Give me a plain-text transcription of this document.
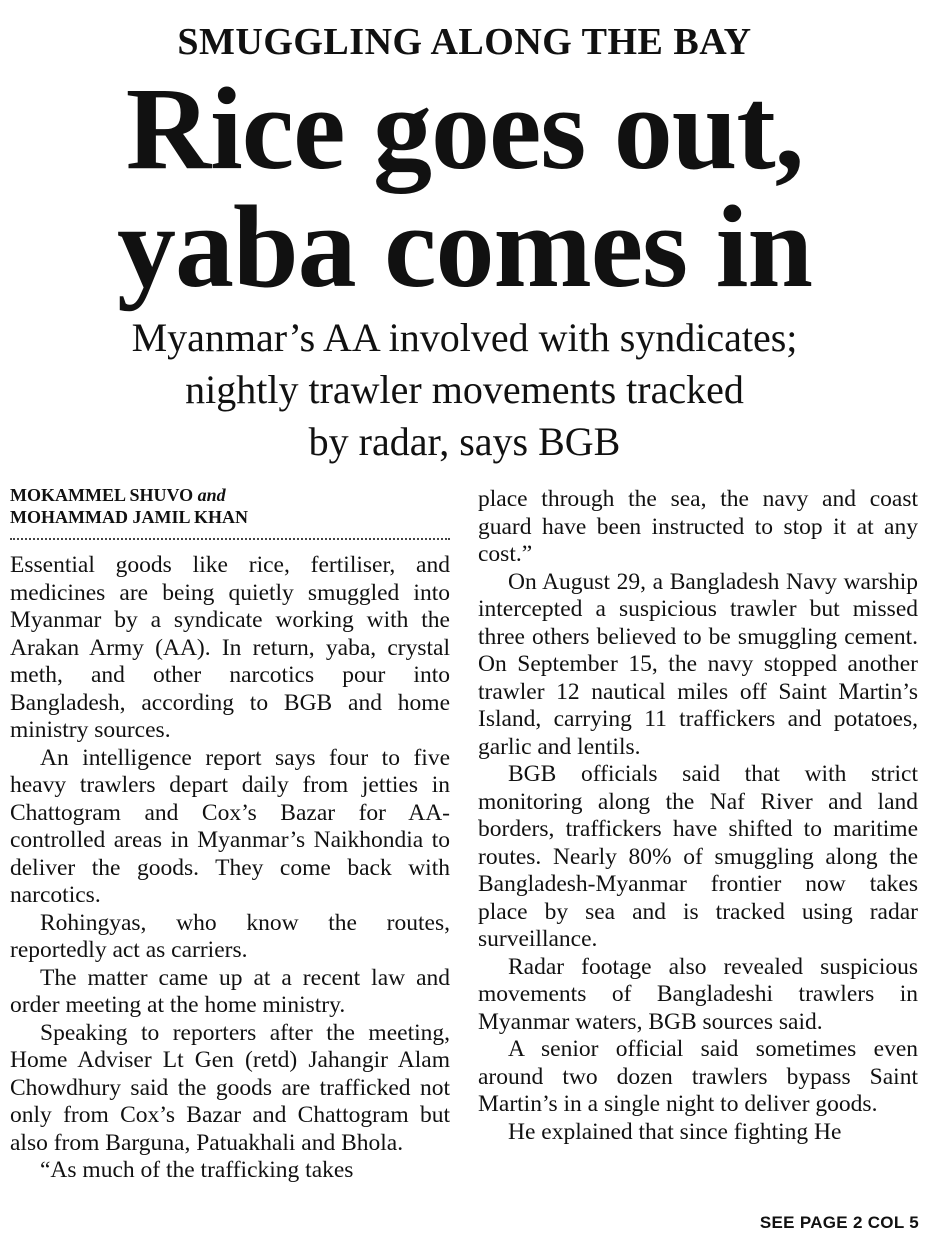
SMUGGLING ALONG THE BAY
Rice goes out,
yaba comes in
Myanmar’s AA involved with syndicates;
nightly trawler movements tracked
by radar, says BGB
MOKAMMEL SHUVO and
MOHAMMAD JAMIL KHAN

Essential goods like rice, fertiliser, and medicines are being quietly smuggled into Myanmar by a syndicate working with the Arakan Army (AA). In return, yaba, crystal meth, and other narcotics pour into Bangladesh, according to BGB and home ministry sources.

An intelligence report says four to five heavy trawlers depart daily from jetties in Chattogram and Cox’s Bazar for AA-controlled areas in Myanmar’s Naikhondia to deliver the goods. They come back with narcotics.

Rohingyas, who know the routes, reportedly act as carriers.

The matter came up at a recent law and order meeting at the home ministry.

Speaking to reporters after the meeting, Home Adviser Lt Gen (retd) Jahangir Alam Chowdhury said the goods are trafficked not only from Cox’s Bazar and Chattogram but also from Barguna, Patuakhali and Bhola.

“As much of the trafficking takes

place through the sea, the navy and coast guard have been instructed to stop it at any cost.”

On August 29, a Bangladesh Navy warship intercepted a suspicious trawler but missed three others believed to be smuggling cement. On September 15, the navy stopped another trawler 12 nautical miles off Saint Martin’s Island, carrying 11 traffickers and potatoes, garlic and lentils.

BGB officials said that with strict monitoring along the Naf River and land borders, traffickers have shifted to maritime routes. Nearly 80% of smuggling along the Bangladesh-Myanmar frontier now takes place by sea and is tracked using radar surveillance.

Radar footage also revealed suspicious movements of Bangladeshi trawlers in Myanmar waters, BGB sources said.

A senior official said sometimes even around two dozen trawlers bypass Saint Martin’s in a single night to deliver goods.

He explained that since fighting He

SEE PAGE 2 COL 5
